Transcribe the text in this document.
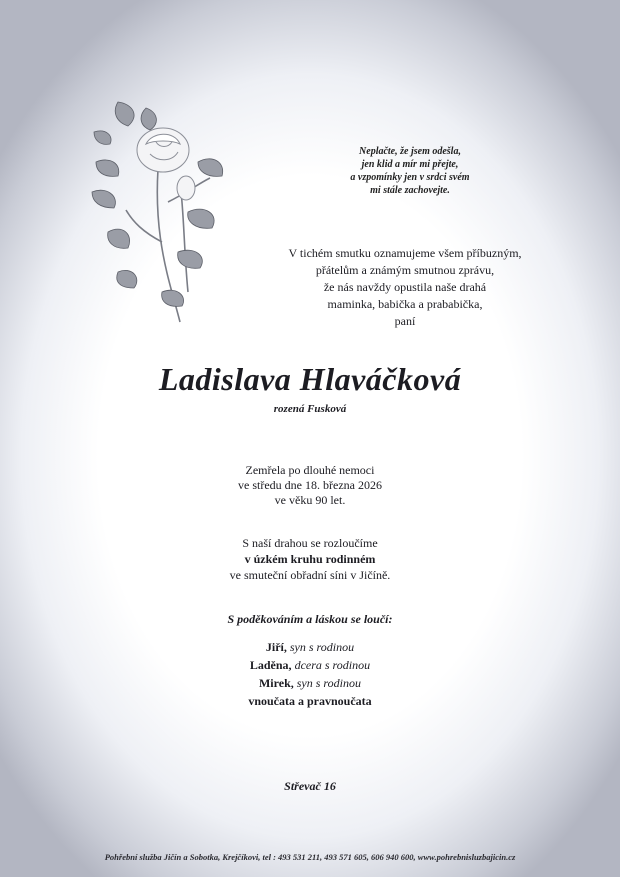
Neplačte, že jsem odešla,
jen klid a mír mi přejte,
a vzpomínky jen v srdci svém
mi stále zachovejte.
V tichém smutku oznamujeme všem příbuzným,
přátelům a známým smutnou zprávu,
že nás navždy opustila naše drahá
maminka, babička a prababička,
paní
Ladislava Hlaváčková
rozená Fusková
Zemřela po dlouhé nemoci
ve středu dne 18. března 2026
ve věku 90 let.
S naší drahou se rozloučíme
v úzkém kruhu rodinném
ve smuteční obřadní síni v Jičíně.
S poděkováním a láskou se loučí:
Jiří, syn s rodinou
Laděna, dcera s rodinou
Mirek, syn s rodinou
vnoučata a pravnoučata
Střevač 16
Pohřební služba Jičín a Sobotka, Krejčíkovi, tel : 493 531 211, 493 571 605, 606 940 600, www.pohrebnisluzbajicin.cz
